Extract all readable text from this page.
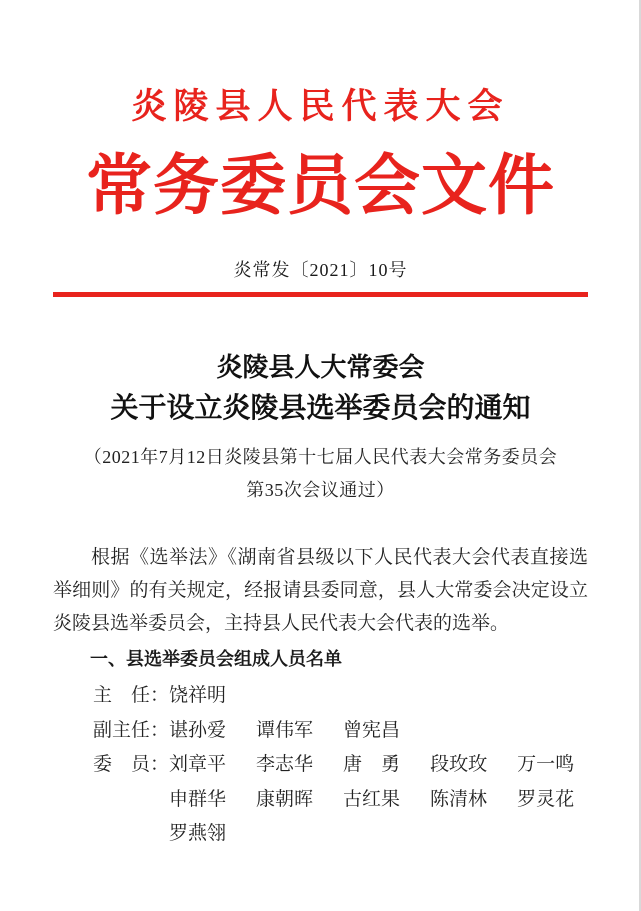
炎陵县人民代表大会
常务委员会文件
炎常发〔2021〕10号
炎陵县人大常委会
关于设立炎陵县选举委员会的通知
（2021年7月12日炎陵县第十七届人民代表大会常务委员会
第35次会议通过）

根据《选举法》《湖南省县级以下人民代表大会代表直接选举细则》的有关规定，经报请县委同意，县人大常委会决定设立炎陵县选举委员会，主持县人民代表大会代表的选举。

一、县选举委员会组成人员名单
主　任： 饶祥明
副主任： 谌孙爱 谭伟军 曾宪昌
委　员： 刘章平 李志华 唐　勇 段玫玫 万一鸣
申群华 康朝晖 古红果 陈清林 罗灵花
罗燕翎
